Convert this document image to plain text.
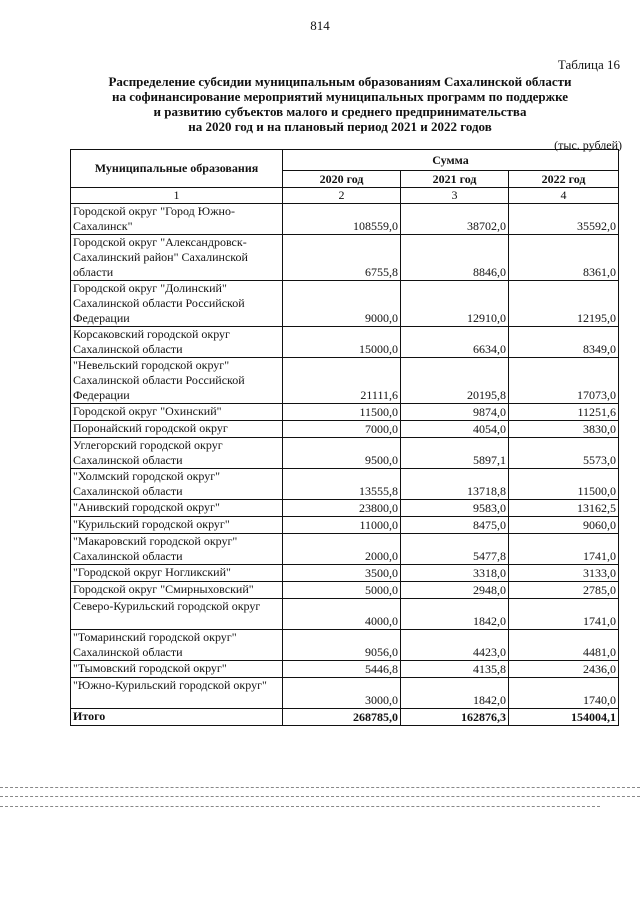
814
Таблица 16
Распределение субсидии муниципальным образованиям Сахалинской области
на софинансирование мероприятий муниципальных программ по поддержке
и развитию субъектов малого и среднего предпринимательства
на 2020 год и на плановый период 2021 и 2022 годов
(тыс. рублей)
Муниципальные образования	Сумма		
	2020 год	2021 год	2022 год
1	2	3	4
Городской округ "Город Южно-Сахалинск"	108559,0	38702,0	35592,0
Городской округ "Александровск-Сахалинский район" Сахалинской области	6755,8	8846,0	8361,0
Городской округ "Долинский" Сахалинской области Российской Федерации	9000,0	12910,0	12195,0
Корсаковский городской округ Сахалинской области	15000,0	6634,0	8349,0
"Невельский городской округ" Сахалинской области Российской Федерации	21111,6	20195,8	17073,0
Городской округ "Охинский"	11500,0	9874,0	11251,6
Поронайский городской округ	7000,0	4054,0	3830,0
Углегорский городской округ Сахалинской области	9500,0	5897,1	5573,0
"Холмский городской округ" Сахалинской области	13555,8	13718,8	11500,0
"Анивский городской округ"	23800,0	9583,0	13162,5
"Курильский городской округ"	11000,0	8475,0	9060,0
"Макаровский городской округ" Сахалинской области	2000,0	5477,8	1741,0
"Городской округ Ногликский"	3500,0	3318,0	3133,0
Городской округ "Смирныховский"	5000,0	2948,0	2785,0
Северо-Курильский городской округ	4000,0	1842,0	1741,0
"Томаринский городской округ" Сахалинской области	9056,0	4423,0	4481,0
"Тымовский городской округ"	5446,8	4135,8	2436,0
"Южно-Курильский городской округ"	3000,0	1842,0	1740,0
Итого	268785,0	162876,3	154004,1
